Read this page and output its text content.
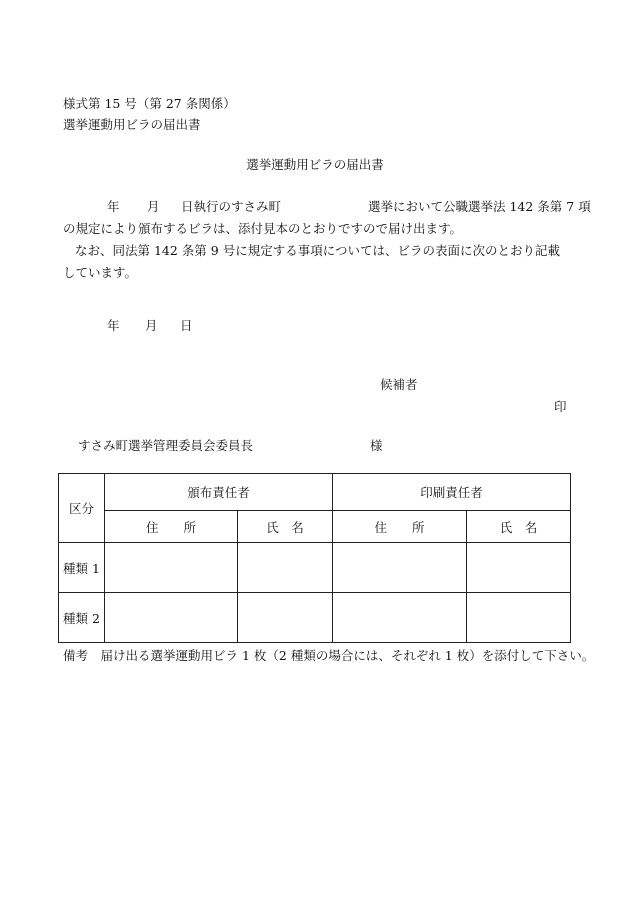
様式第 15 号（第 27 条関係）
選挙運動用ビラの届出書
選挙運動用ビラの届出書
年 月 日執行のすさみ町	選挙において公職選挙法 142 条第 7 項
の規定により頒布するビラは、添付見本のとおりですので届け出ます。
なお、同法第 142 条第 9 号に規定する事項については、ビラの表面に次のとおり記載しています。
年 月 日
候補者
印
すさみ町選挙管理委員会委員長	様
区分	頒布責任者		印刷責任者	
	住　　所	氏　名	住　　所	氏　名
種類 1				
種類 2				
備考　届け出る選挙運動用ビラ 1 枚（2 種類の場合には、それぞれ 1 枚）を添付して下さい。
